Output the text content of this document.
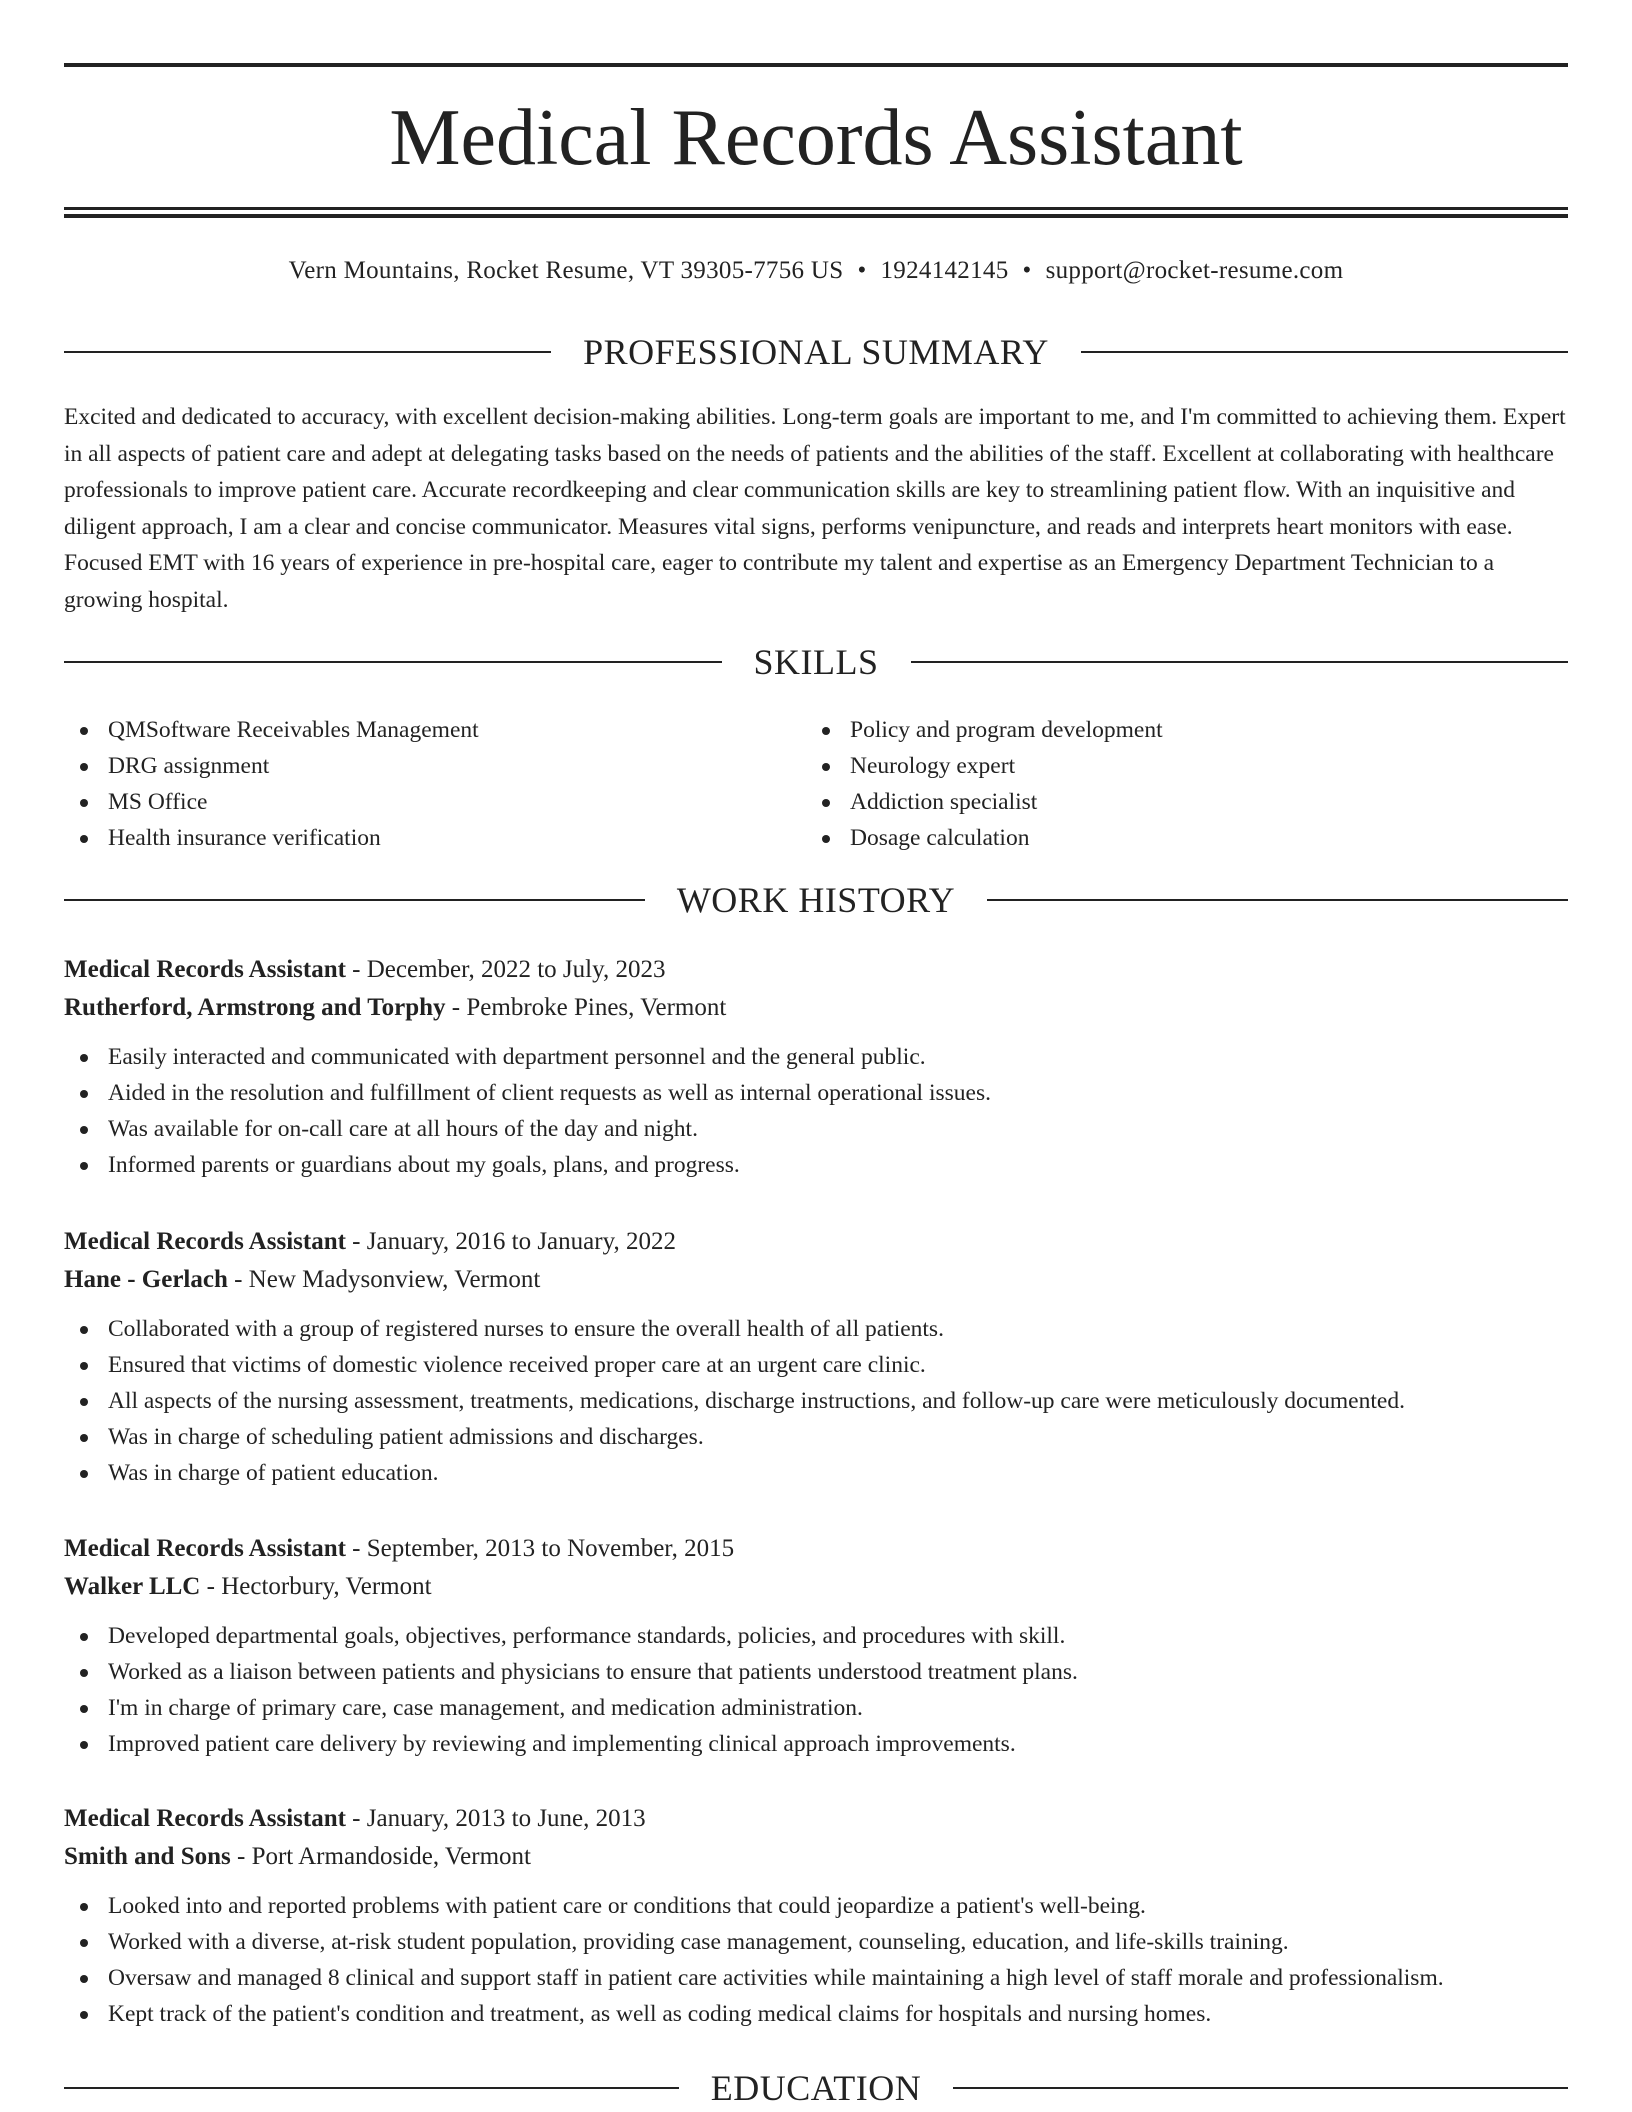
Medical Records Assistant
Vern Mountains, Rocket Resume, VT 39305-7756 US • 1924142145 • support@rocket-resume.com
PROFESSIONAL SUMMARY

Excited and dedicated to accuracy, with excellent decision-making abilities. Long-term goals are important to me, and I'm committed to achieving them. Expert in all aspects of patient care and adept at delegating tasks based on the needs of patients and the abilities of the staff. Excellent at collaborating with healthcare professionals to improve patient care. Accurate recordkeeping and clear communication skills are key to streamlining patient flow. With an inquisitive and diligent approach, I am a clear and concise communicator. Measures vital signs, performs venipuncture, and reads and interprets heart monitors with ease. Focused EMT with 16 years of experience in pre-hospital care, eager to contribute my talent and expertise as an Emergency Department Technician to a growing hospital.

SKILLS
QMSoftware Receivables Management
DRG assignment
MS Office
Health insurance verification
Policy and program development
Neurology expert
Addiction specialist
Dosage calculation
WORK HISTORY
Medical Records Assistant - December, 2022 to July, 2023
Rutherford, Armstrong and Torphy - Pembroke Pines, Vermont
Easily interacted and communicated with department personnel and the general public.
Aided in the resolution and fulfillment of client requests as well as internal operational issues.
Was available for on-call care at all hours of the day and night.
Informed parents or guardians about my goals, plans, and progress.
Medical Records Assistant - January, 2016 to January, 2022
Hane - Gerlach - New Madysonview, Vermont
Collaborated with a group of registered nurses to ensure the overall health of all patients.
Ensured that victims of domestic violence received proper care at an urgent care clinic.
All aspects of the nursing assessment, treatments, medications, discharge instructions, and follow-up care were meticulously documented.
Was in charge of scheduling patient admissions and discharges.
Was in charge of patient education.
Medical Records Assistant - September, 2013 to November, 2015
Walker LLC - Hectorbury, Vermont
Developed departmental goals, objectives, performance standards, policies, and procedures with skill.
Worked as a liaison between patients and physicians to ensure that patients understood treatment plans.
I'm in charge of primary care, case management, and medication administration.
Improved patient care delivery by reviewing and implementing clinical approach improvements.
Medical Records Assistant - January, 2013 to June, 2013
Smith and Sons - Port Armandoside, Vermont
Looked into and reported problems with patient care or conditions that could jeopardize a patient's well-being.
Worked with a diverse, at-risk student population, providing case management, counseling, education, and life-skills training.
Oversaw and managed 8 clinical and support staff in patient care activities while maintaining a high level of staff morale and professionalism.
Kept track of the patient's condition and treatment, as well as coding medical claims for hospitals and nursing homes.
EDUCATION
